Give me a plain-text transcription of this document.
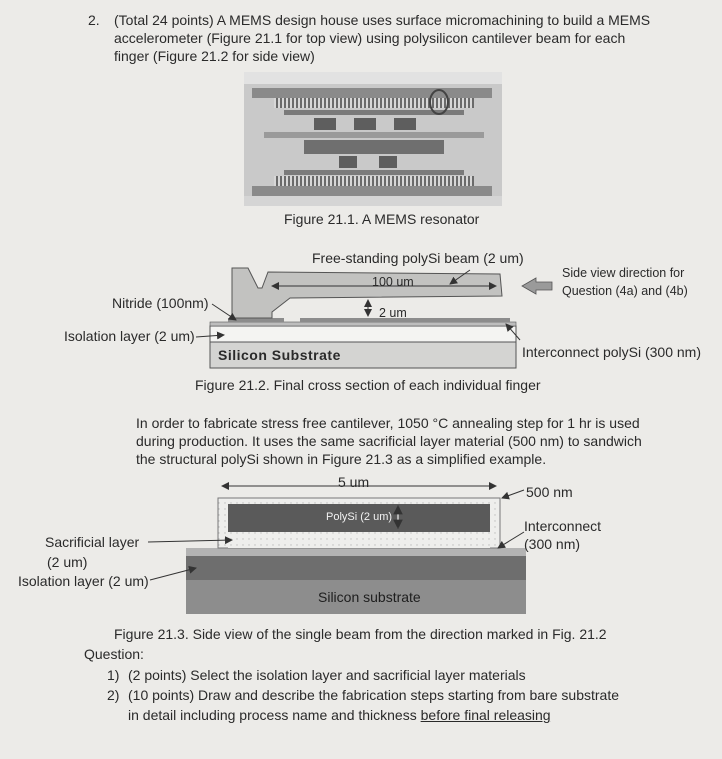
2. (Total 24 points) A MEMS design house uses surface micromachining to build a MEMS
accelerometer (Figure 21.1 for top view) using polysilicon cantilever beam for each
finger (Figure 21.2 for side view)
Figure 21.1. A MEMS resonator
Free-standing polySi beam (2 um)
100 um
2 um
Nitride (100nm)
Isolation layer (2 um)
Silicon Substrate	Interconnect polySi (300 nm)
Side view direction for
Question (4a) and (4b)
Figure 21.2. Final cross section of each individual finger
In order to fabricate stress free cantilever, 1050 °C annealing step for 1 hr is used
during production. It uses the same sacrificial layer material (500 nm) to sandwich
the structural polySi shown in Figure 21.3 as a simplified example.
5 um
500 nm
PolySi (2 um)
Interconnect
(300 nm)
Sacrificial layer
(2 um)
Isolation layer (2 um)
Silicon substrate
Figure 21.3. Side view of the single beam from the direction marked in Fig. 21.2
Question:
1) (2 points) Select the isolation layer and sacrificial layer materials
2) (10 points) Draw and describe the fabrication steps starting from bare substrate
in detail including process name and thickness before final releasing
